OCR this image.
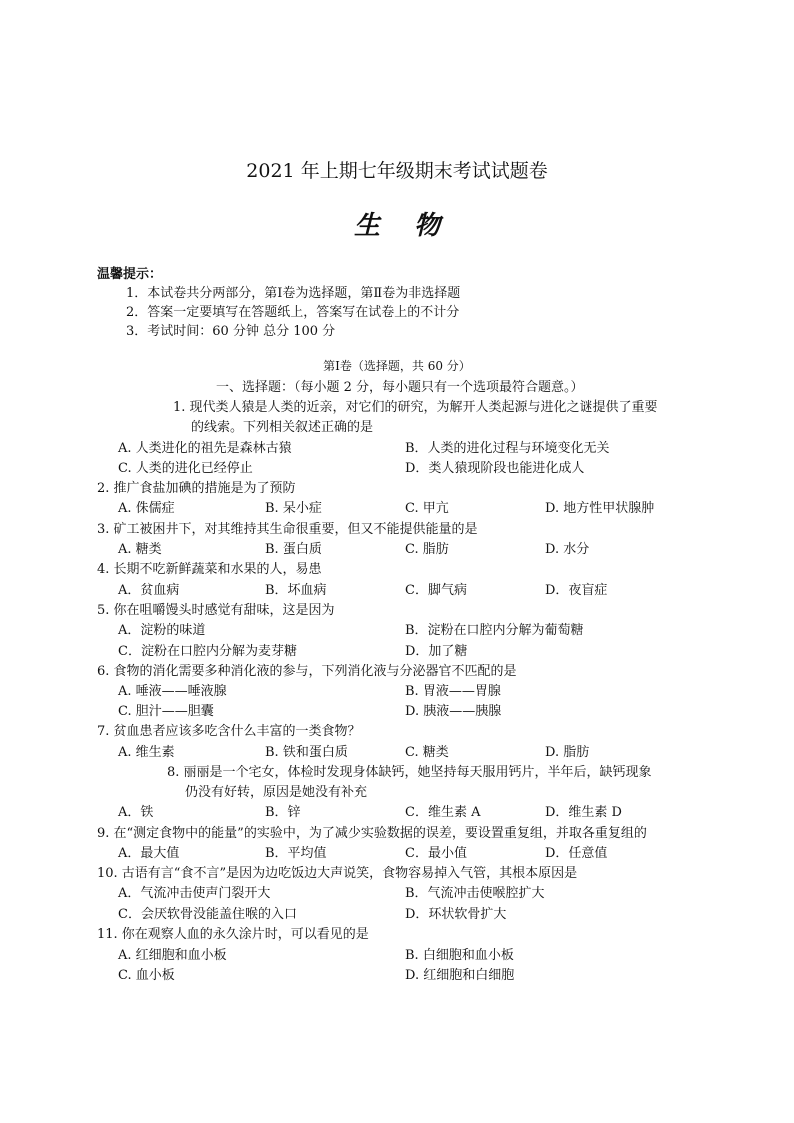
2021 年上期七年级期末考试试题卷
生 物
温馨提示：
1．本试卷共分两部分，第Ⅰ卷为选择题，第Ⅱ卷为非选择题
2．答案一定要填写在答题纸上，答案写在试卷上的不计分
3．考试时间：60 分钟 总分 100 分
第Ⅰ卷（选择题，共 60 分）
一、选择题：（每小题 2 分，每小题只有一个选项最符合题意。）
1. 现代类人猿是人类的近亲，对它们的研究，为解开人类起源与进化之谜提供了重要
的线索。下列相关叙述正确的是
A. 人类进化的祖先是森林古猿	B．人类的进化过程与环境变化无关
C. 人类的进化已经停止	D．类人猿现阶段也能进化成人
2. 推广食盐加碘的措施是为了预防
A. 侏儒症	B. 呆小症	C. 甲亢	D. 地方性甲状腺肿
3. 矿工被困井下，对其维持其生命很重要，但又不能提供能量的是
A. 糖类	B. 蛋白质	C. 脂肪	D. 水分
4. 长期不吃新鲜蔬菜和水果的人，易患
A．贫血病	B．坏血病	C．脚气病	D．夜盲症
5. 你在咀嚼馒头时感觉有甜味，这是因为
A．淀粉的味道	B．淀粉在口腔内分解为葡萄糖
C．淀粉在口腔内分解为麦芽糖	D．加了糖
6. 食物的消化需要多种消化液的参与，下列消化液与分泌器官不匹配的是
A. 唾液——唾液腺	B. 胃液——胃腺
C. 胆汁——胆囊	D. 胰液——胰腺
7. 贫血患者应该多吃含什么丰富的一类食物？
A. 维生素	B. 铁和蛋白质	C. 糖类	D. 脂肪
8. 丽丽是一个宅女，体检时发现身体缺钙，她坚持每天服用钙片，半年后，缺钙现象
仍没有好转，原因是她没有补充
A．铁	B．锌	C．维生素 A	D．维生素 D
9. 在“测定食物中的能量”的实验中，为了减少实验数据的误差，要设置重复组，并取各重复组的
A．最大值	B．平均值	C．最小值	D．任意值
10. 古语有言“食不言”是因为边吃饭边大声说笑，食物容易掉入气管，其根本原因是
A．气流冲击使声门裂开大	B．气流冲击使喉腔扩大
C．会厌软骨没能盖住喉的入口	D．环状软骨扩大
11. 你在观察人血的永久涂片时，可以看见的是
A. 红细胞和血小板	B. 白细胞和血小板
C. 血小板	D. 红细胞和白细胞
